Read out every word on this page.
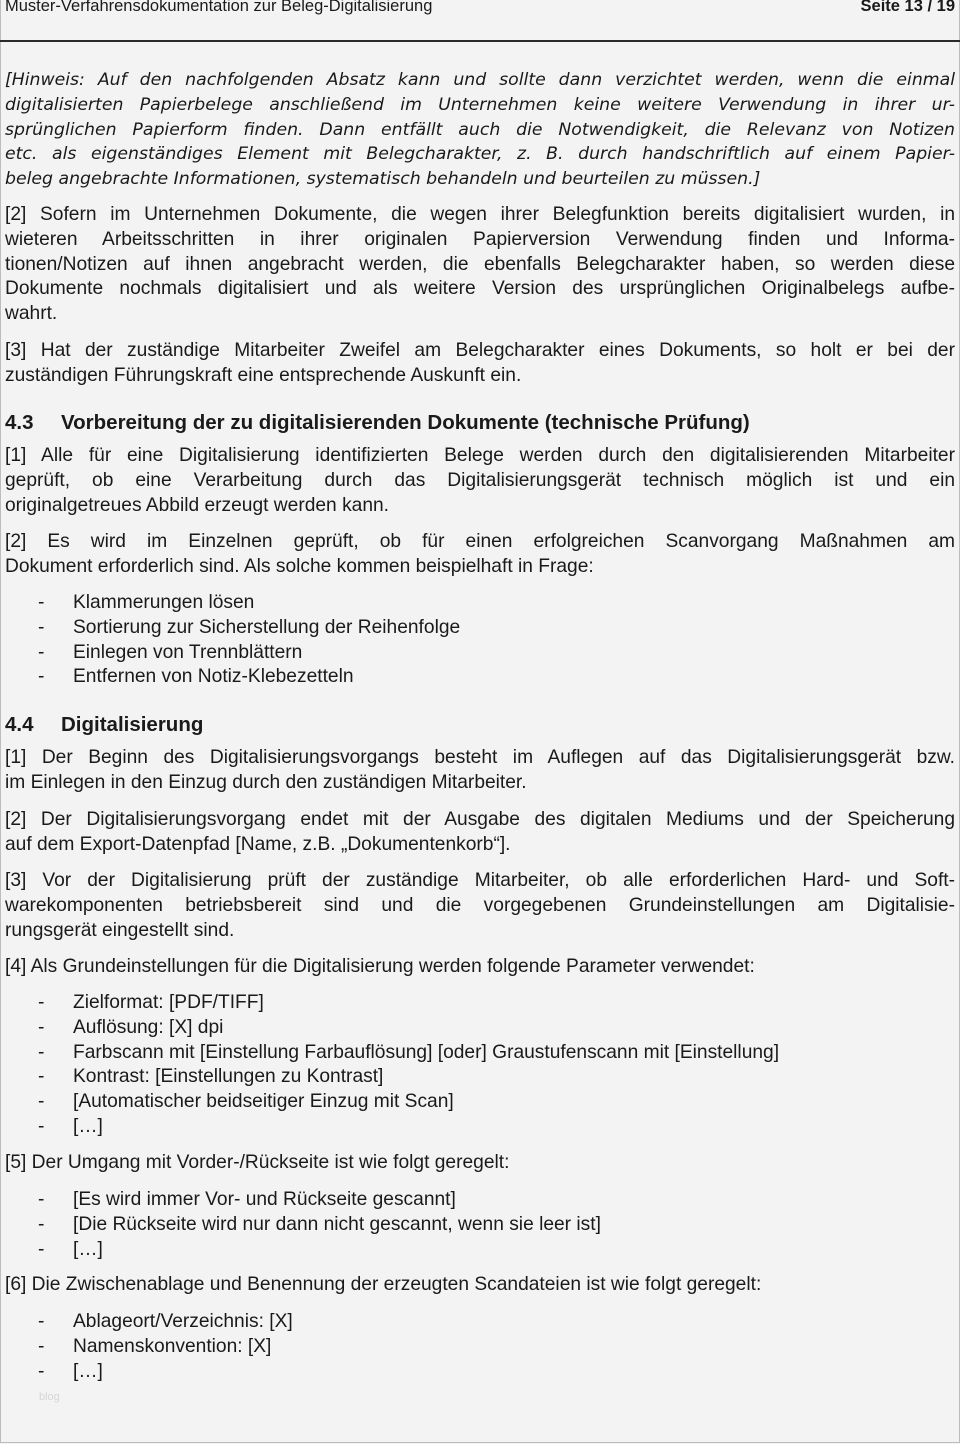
Muster-Verfahrensdokumentation zur Beleg-Digitalisierung	Seite 13 / 19
[Hinweis: Auf den nachfolgenden Absatz kann und sollte dann verzichtet werden, wenn die einmal
digitalisierten Papierbelege anschließend im Unternehmen keine weitere Verwendung in ihrer ur-
sprünglichen Papierform finden. Dann entfällt auch die Notwendigkeit, die Relevanz von Notizen
etc. als eigenständiges Element mit Belegcharakter, z. B. durch handschriftlich auf einem Papier-
beleg angebrachte Informationen, systematisch behandeln und beurteilen zu müssen.]
[2] Sofern im Unternehmen Dokumente, die wegen ihrer Belegfunktion bereits digitalisiert wurden, in
wieteren Arbeitsschritten in ihrer originalen Papierversion Verwendung finden und Informa-
tionen/Notizen auf ihnen angebracht werden, die ebenfalls Belegcharakter haben, so werden diese
Dokumente nochmals digitalisiert und als weitere Version des ursprünglichen Originalbelegs aufbe-
wahrt.
[3] Hat der zuständige Mitarbeiter Zweifel am Belegcharakter eines Dokuments, so holt er bei der
zuständigen Führungskraft eine entsprechende Auskunft ein.
4.3 Vorbereitung der zu digitalisierenden Dokumente (technische Prüfung)
[1] Alle für eine Digitalisierung identifizierten Belege werden durch den digitalisierenden Mitarbeiter
geprüft, ob eine Verarbeitung durch das Digitalisierungsgerät technisch möglich ist und ein
originalgetreues Abbild erzeugt werden kann.
[2] Es wird im Einzelnen geprüft, ob für einen erfolgreichen Scanvorgang Maßnahmen am
Dokument erforderlich sind. Als solche kommen beispielhaft in Frage:
- Klammerungen lösen
- Sortierung zur Sicherstellung der Reihenfolge
- Einlegen von Trennblättern
- Entfernen von Notiz-Klebezetteln
4.4 Digitalisierung
[1] Der Beginn des Digitalisierungsvorgangs besteht im Auflegen auf das Digitalisierungsgerät bzw.
im Einlegen in den Einzug durch den zuständigen Mitarbeiter.
[2] Der Digitalisierungsvorgang endet mit der Ausgabe des digitalen Mediums und der Speicherung
auf dem Export-Datenpfad [Name, z.B. „Dokumentenkorb“].
[3] Vor der Digitalisierung prüft der zuständige Mitarbeiter, ob alle erforderlichen Hard- und Soft-
warekomponenten betriebsbereit sind und die vorgegebenen Grundeinstellungen am Digitalisie-
rungsgerät eingestellt sind.
[4] Als Grundeinstellungen für die Digitalisierung werden folgende Parameter verwendet:
- Zielformat: [PDF/TIFF]
- Auflösung: [X] dpi
- Farbscann mit [Einstellung Farbauflösung] [oder] Graustufenscann mit [Einstellung]
- Kontrast: [Einstellungen zu Kontrast]
- [Automatischer beidseitiger Einzug mit Scan]
- […]
[5] Der Umgang mit Vorder-/Rückseite ist wie folgt geregelt:
- [Es wird immer Vor- und Rückseite gescannt]
- [Die Rückseite wird nur dann nicht gescannt, wenn sie leer ist]
- […]
[6] Die Zwischenablage und Benennung der erzeugten Scandateien ist wie folgt geregelt:
- Ablageort/Verzeichnis: [X]
- Namenskonvention: [X]
- […]
blog
